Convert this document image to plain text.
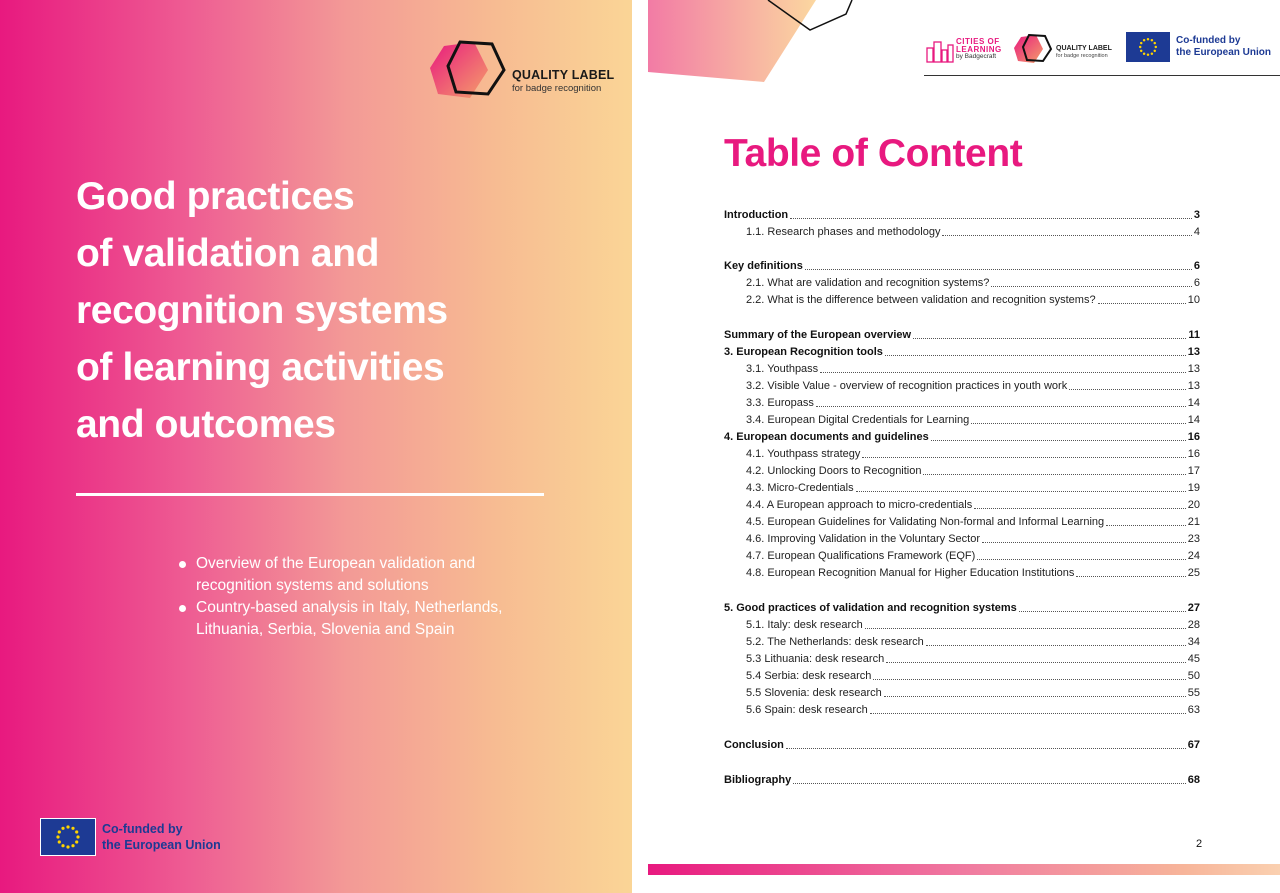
QUALITY LABEL
for badge recognition
Good practices
of validation and
recognition systems
of learning activities
and outcomes
Overview of the European validation and recognition systems and solutions
Country-based analysis in Italy, Netherlands, Lithuania, Serbia, Slovenia and Spain
Co-funded by
the European Union
CITIES OF
LEARNING
by Badgecraft
QUALITY LABEL
for badge recognition
Co-funded by
the European Union
Table of Content
Introduction	3
1.1. Research phases and methodology	4
Key definitions	6
2.1. What are validation and recognition systems?	6
2.2. What is the difference between validation and recognition systems?	10
Summary of the European overview	11
3. European Recognition tools	13
3.1. Youthpass	13
3.2. Visible Value - overview of recognition practices in youth work	13
3.3. Europass	14
3.4. European Digital Credentials for Learning	14
4. European documents and guidelines	16
4.1. Youthpass strategy	16
4.2. Unlocking Doors to Recognition	17
4.3. Micro-Credentials	19
4.4. A European approach to micro-credentials	20
4.5. European Guidelines for Validating Non-formal and Informal Learning	21
4.6. Improving Validation in the Voluntary Sector	23
4.7. European Qualifications Framework (EQF)	24
4.8. European Recognition Manual for Higher Education Institutions	25
5. Good practices of validation and recognition systems	27
5.1. Italy: desk research	28
5.2. The Netherlands: desk research	34
5.3 Lithuania: desk research	45
5.4 Serbia: desk research	50
5.5 Slovenia: desk research	55
5.6 Spain: desk research	63
Conclusion	67
Bibliography	68
2
